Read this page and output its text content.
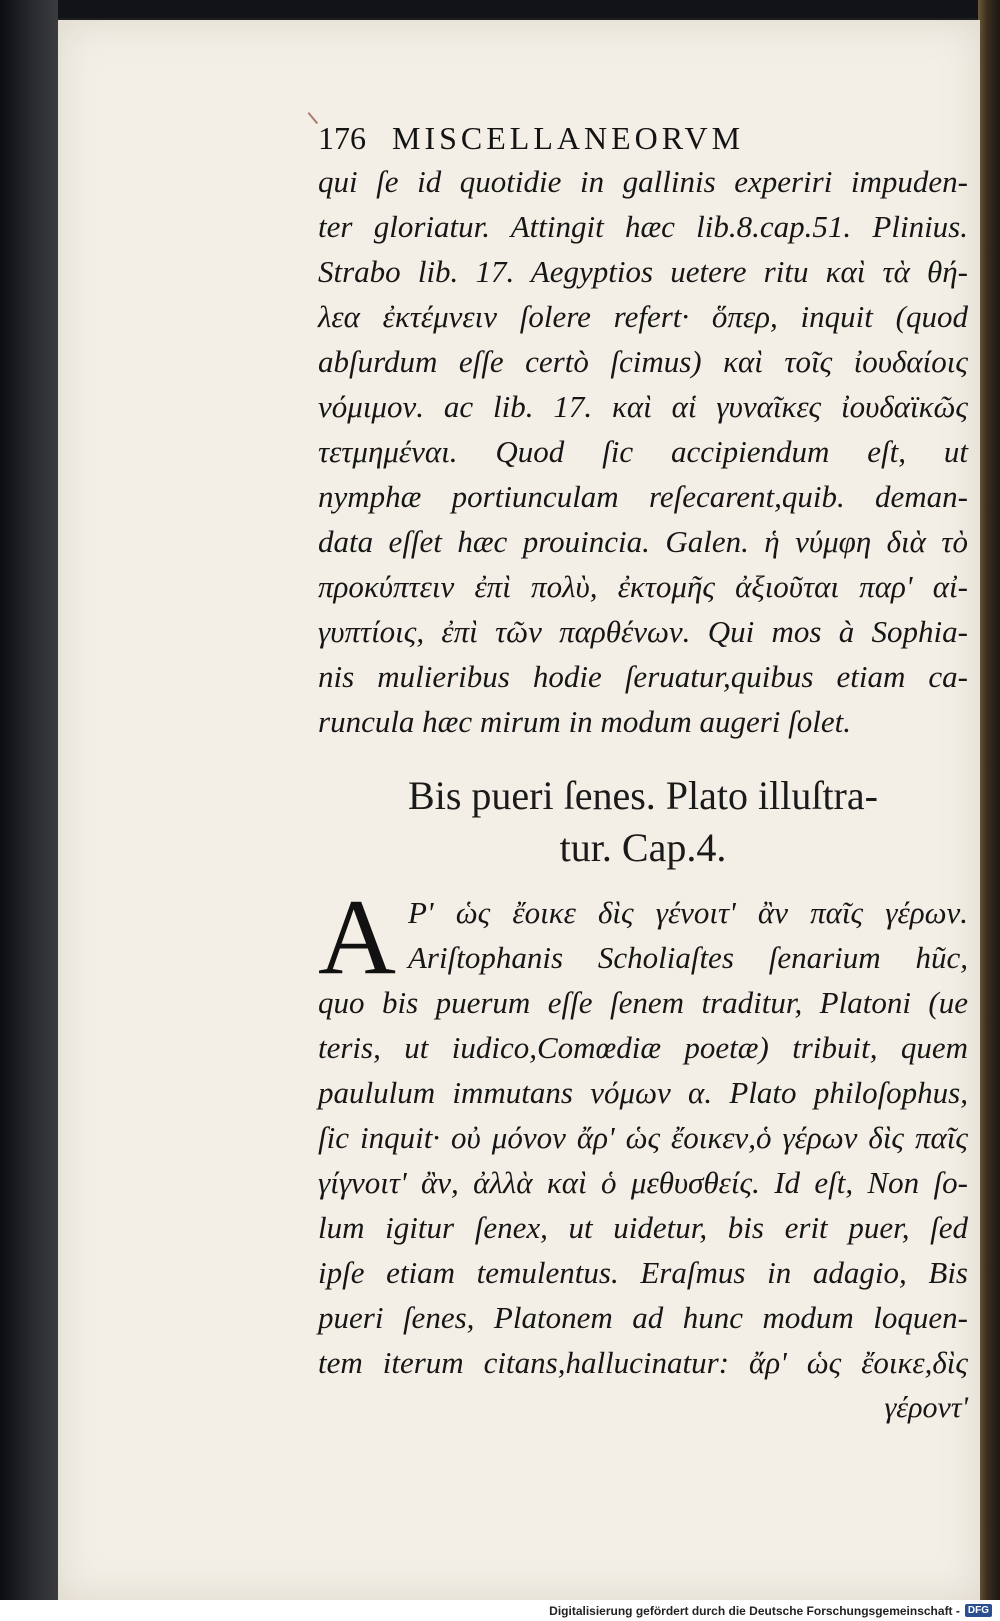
176 MISCELLANEORVM

qui ſe id quotidie in gallinis experiri impuden-

ter gloriatur. Attingit hæc lib.8.cap.51. Plinius.

Strabo lib. 17. Aegyptios uetere ritu καὶ τὰ θή-

λεα ἐκτέμνειν ſolere refert· ὅπερ, inquit (quod

abſurdum eſſe certò ſcimus) καὶ τοῖς ἰουδαίοις

νόμιμον. ac lib. 17. καὶ αἱ γυναῖκες ἰουδαϊκῶς

τετμημέναι. Quod ſic accipiendum eſt, ut

nymphæ portiunculam reſecarent,quib. deman-

data eſſet hæc prouincia. Galen. ἡ νύμφη διὰ τὸ

προκύπτειν ἐπὶ πολὺ, ἐκτομῆς ἀξιοῦται παρ' αἰ-

γυπτίοις, ἐπὶ τῶν παρθένων. Qui mos à Sophia-

nis mulieribus hodie ſeruatur,quibus etiam ca-

runcula hæc mirum in modum augeri ſolet.

Bis pueri ſenes. Plato illuſtra-
tur. Cap.4.
A P' ὡς ἔοικε δὶς γένοιτ' ἂν παῖς γέρων.

Ariſtophanis Scholiaſtes ſenarium hũc,

quo bis puerum eſſe ſenem traditur, Platoni (ue

teris, ut iudico,Comœdiæ poetæ) tribuit, quem

paululum immutans νόμων α. Plato philoſophus,

ſic inquit· οὐ μόνον ἄρ' ὡς ἔοικεν,ὁ γέρων δὶς παῖς

γίγνοιτ' ἂν, ἀλλὰ καὶ ὁ μεθυσθείς. Id eſt, Non ſo-

lum igitur ſenex, ut uidetur, bis erit puer, ſed

ipſe etiam temulentus. Eraſmus in adagio, Bis

pueri ſenes, Platonem ad hunc modum loquen-

tem iterum citans,hallucinatur: ἄρ' ὡς ἔοικε,δὶς

γέροντ'

Digitalisierung gefördert durch die Deutsche Forschungsgemeinschaft - DFG
